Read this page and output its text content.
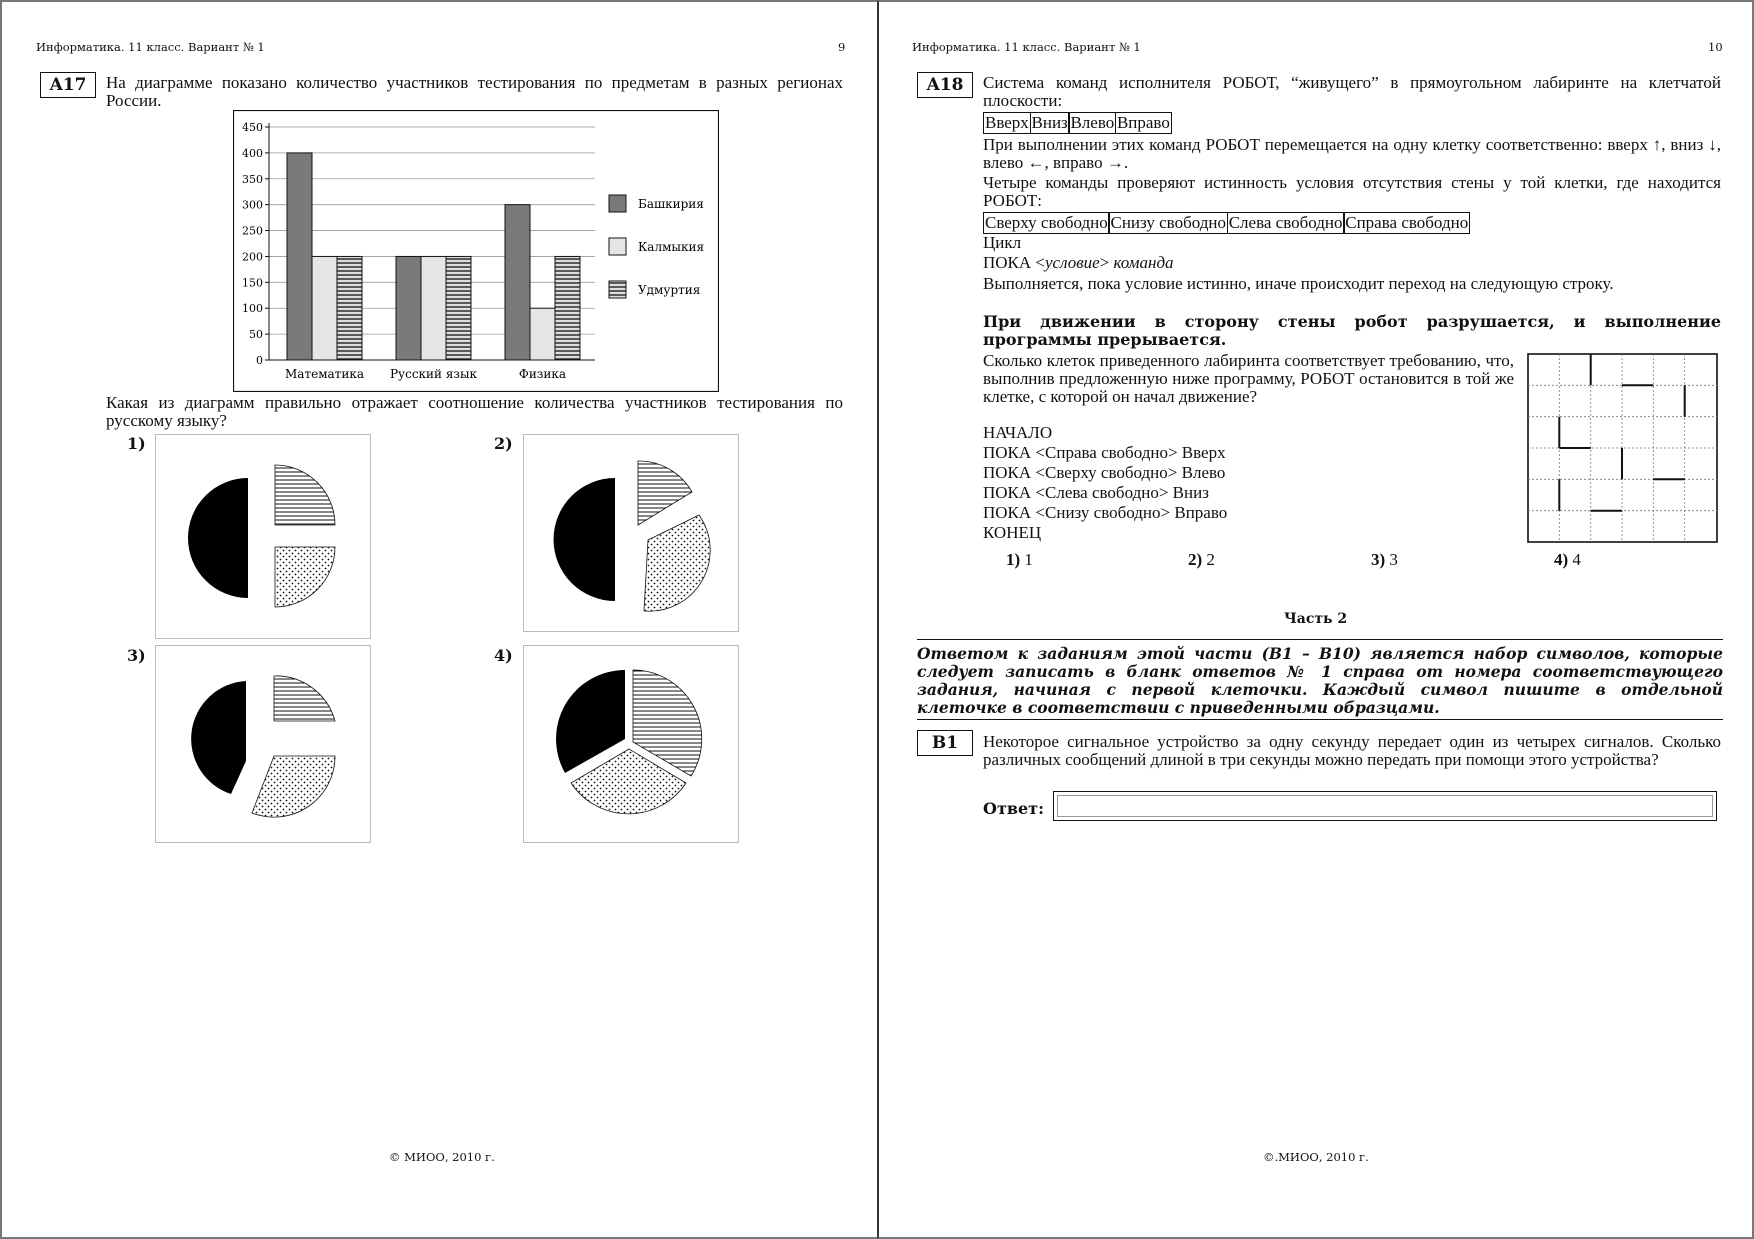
Информатика. 11 класс. Вариант № 1	9
A17	На диаграмме показано количество участников тестирования по предметам в разных регионах России.
0
50
100
150
200
250
300
350
400
450
Математика Русский язык	Физика
Башкирия
Калмыкия
Удмуртия
Какая из диаграмм правильно отражает соотношение количества участников тестирования по русскому языку?
1)	2)
3)	4)
© МИОО, 2010 г.
Информатика. 11 класс. Вариант № 1	10
A18	Система команд исполнителя РОБОТ, “живущего” в прямоугольном лабиринте на клетчатой плоскости:
Вверх Вниз Влево Вправо
При выполнении этих команд РОБОТ перемещается на одну клетку соответственно: вверх ↑, вниз ↓, влево ←, вправо →.
Четыре команды проверяют истинность условия отсутствия стены у той клетки, где находится РОБОТ:
Сверху свободно Снизу свободно Слева свободно Справа свободно
Цикл
ПОКА <условие> команда
Выполняется, пока условие истинно, иначе происходит переход на следующую строку.
При движении в сторону стены робот разрушается, и выполнение программы прерывается.
Сколько клеток приведенного лабиринта соответствует требованию, что, выполнив предложенную ниже программу, РОБОТ остановится в той же клетке, с которой он начал движение?
НАЧАЛО
ПОКА <Справа свободно> Вверх
ПОКА <Сверху свободно> Влево
ПОКА <Слева свободно> Вниз
ПОКА <Снизу свободно> Вправо
КОНЕЦ
1) 1	2) 2	3) 3	4) 4
Часть 2
Ответом к заданиям этой части (В1 – В10) является набор символов, которые следует записать в бланк ответов № 1 справа от номера соответствующего задания, начиная с первой клеточки. Каждый символ пишите в отдельной клеточке в соответствии с приведенными образцами.
В1	Некоторое сигнальное устройство за одну секунду передает один из четырех сигналов. Сколько различных сообщений длиной в три секунды можно передать при помощи этого устройства?
Ответ:
©.МИОО, 2010 г.
